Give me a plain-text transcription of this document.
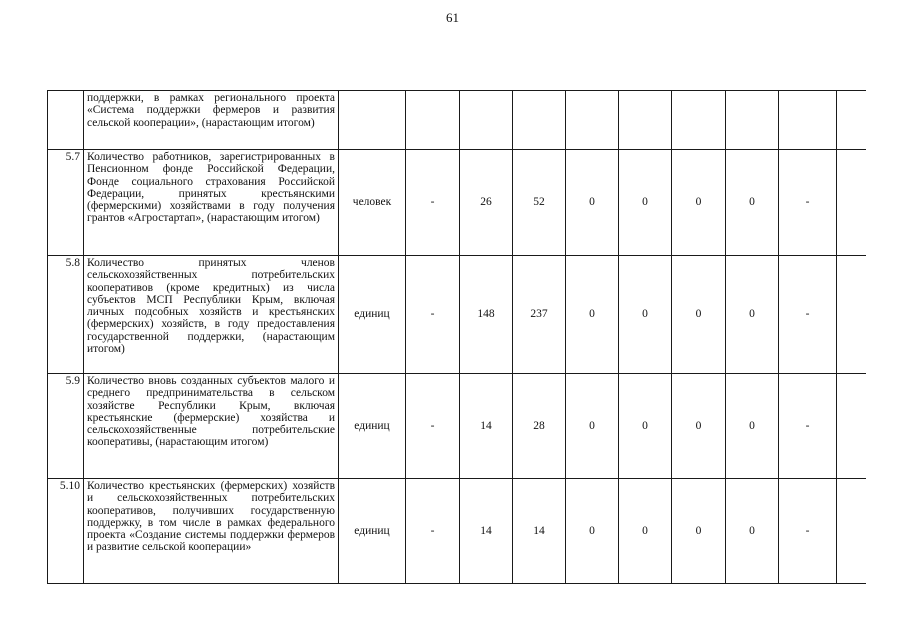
61
	поддержки, в рамках регионального проекта «Система поддержки фермеров и развития сельской кооперации», (нарастающим итогом)										
5.7	Количество работников, зарегистрированных в Пенсионном фонде Российской Федерации, Фонде социального страхования Российской Федерации, принятых крестьянскими (фермерскими) хозяйствами в году получения грантов «Агростартап», (нарастающим итогом)	человек	-	26	52	0	0	0	0	-	
5.8	Количество принятых членов сельскохозяйственных потребительских кооперативов (кроме кредитных) из числа субъектов МСП Республики Крым, включая личных подсобных хозяйств и крестьянских (фермерских) хозяйств, в году предоставления государственной поддержки, (нарастающим итогом)	единиц	-	148	237	0	0	0	0	-	
5.9	Количество вновь созданных субъектов малого и среднего предпринимательства в сельском хозяйстве Республики Крым, включая крестьянские (фермерские) хозяйства и сельскохозяйственные потребительские кооперативы, (нарастающим итогом)	единиц	-	14	28	0	0	0	0	-	
5.10	Количество крестьянских (фермерских) хозяйств и сельскохозяйственных потребительских кооперативов, получивших государственную поддержку, в том числе в рамках федерального проекта «Создание системы поддержки фермеров и развитие сельской кооперации»	единиц	-	14	14	0	0	0	0	-	
